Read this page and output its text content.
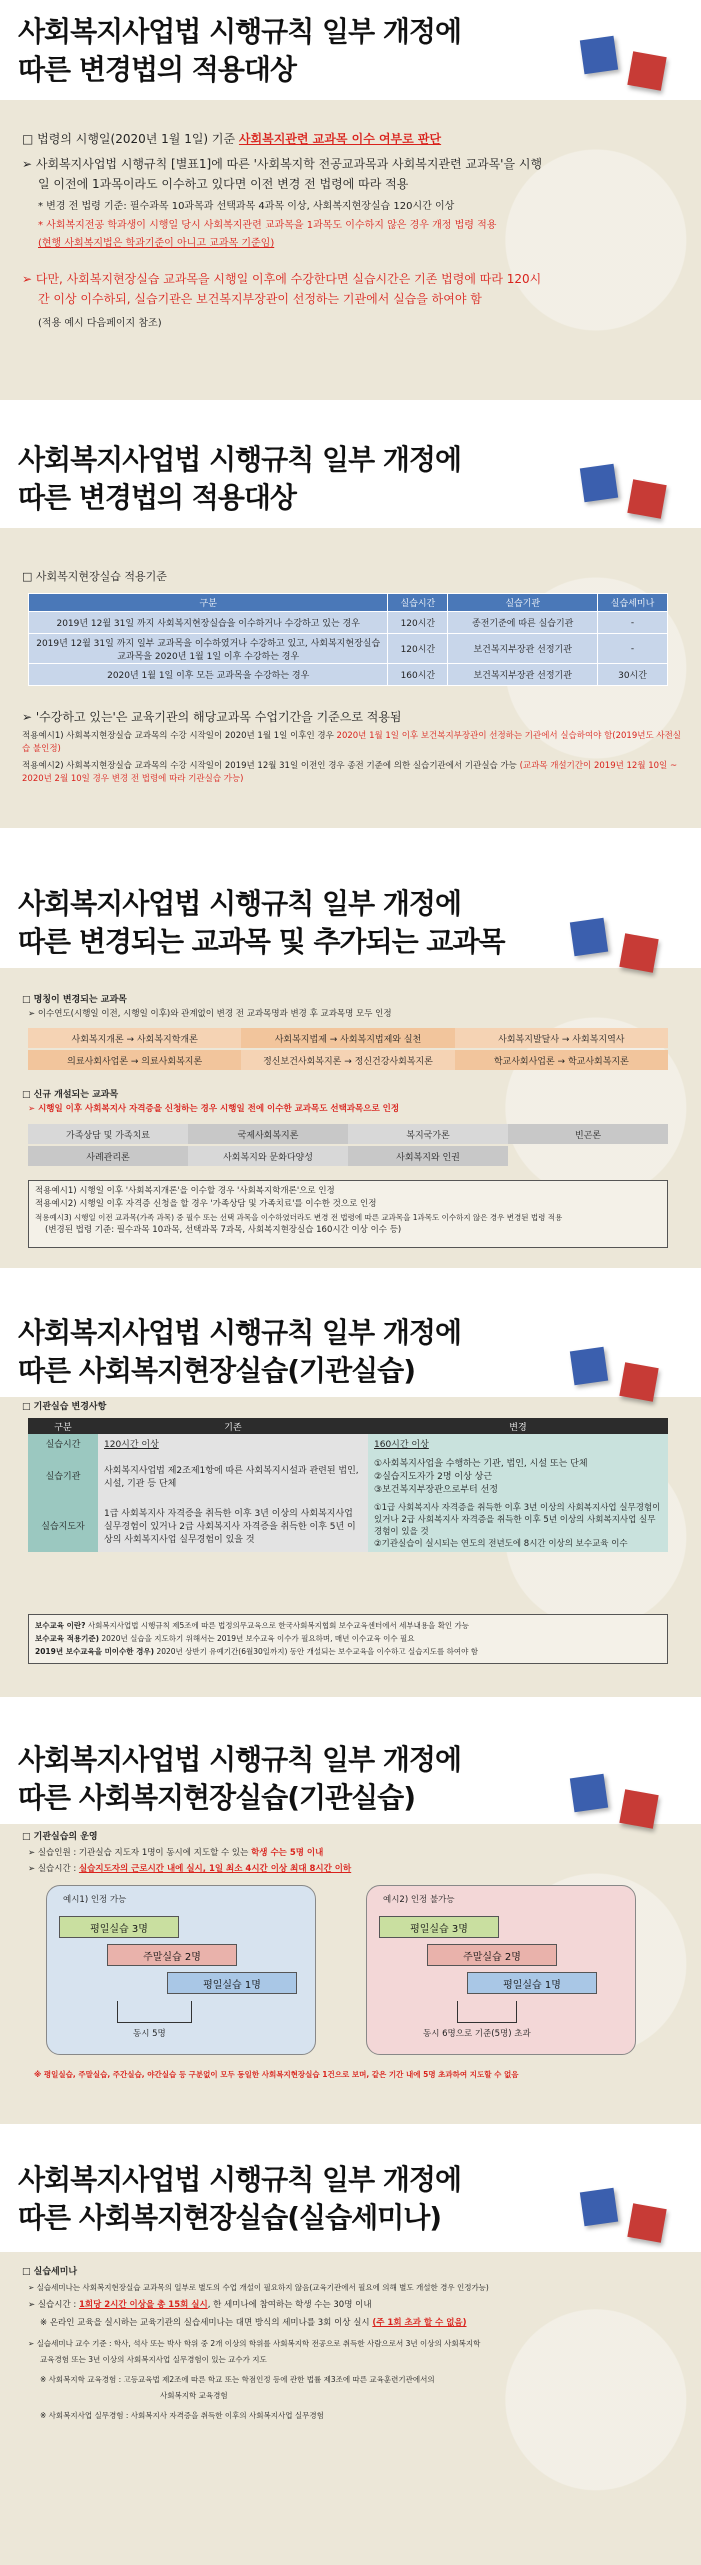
사회복지사업법 시행규칙 일부 개정에
따른 변경법의 적용대상
□ 법령의 시행일(2020년 1월 1일) 기준 사회복지관련 교과목 이수 여부로 판단
➢ 사회복지사업법 시행규칙 [별표1]에 따른 '사회복지학 전공교과목과 사회복지관련 교과목'을 시행
일 이전에 1과목이라도 이수하고 있다면 이전 변경 전 법령에 따라 적용
* 변경 전 법령 기준: 필수과목 10과목과 선택과목 4과목 이상, 사회복지현장실습 120시간 이상
* 사회복지전공 학과생이 시행일 당시 사회복지관련 교과목을 1과목도 이수하지 않은 경우 개정 법령 적용
(현행 사회복지법은 학과기준이 아니고 교과목 기준임)
➢ 다만, 사회복지현장실습 교과목을 시행일 이후에 수강한다면 실습시간은 기존 법령에 따라 120시
간 이상 이수하되, 실습기관은 보건복지부장관이 선정하는 기관에서 실습을 하여야 함
(적용 예시 다음페이지 참조)
사회복지사업법 시행규칙 일부 개정에
따른 변경법의 적용대상
□ 사회복지현장실습 적용기준
구분	실습시간	실습기관	실습세미나
2019년 12월 31일 까지 사회복지현장실습을 이수하거나 수강하고 있는 경우	120시간	종전기준에 따른 실습기관	-
2019년 12월 31일 까지 일부 교과목을 이수하였거나 수강하고 있고, 사회복지현장실습 교과목을 2020년 1월 1일 이후 수강하는 경우	120시간	보건복지부장관 선정기관	-
2020년 1월 1일 이후 모든 교과목을 수강하는 경우	160시간	보건복지부장관 선정기관	30시간
➢ '수강하고 있는'은 교육기관의 해당교과목 수업기간을 기준으로 적용됨
적용예시1) 사회복지현장실습 교과목의 수강 시작일이 2020년 1월 1일 이후인 경우 2020년 1월 1일 이후 보건복지부장관이 선정하는 기관에서 실습하여야 함(2019년도 사전실습 불인정)
적용예시2) 사회복지현장실습 교과목의 수강 시작일이 2019년 12월 31일 이전인 경우 종전 기준에 의한 실습기관에서 기관실습 가능 (교과목 개설기간이 2019년 12월 10일 ~ 2020년 2월 10일 경우 변경 전 법령에 따라 기관실습 가능)
사회복지사업법 시행규칙 일부 개정에
따른 변경되는 교과목 및 추가되는 교과목
□ 명칭이 변경되는 교과목
➢ 이수연도(시행일 이전, 시행일 이후)와 관계없이 변경 전 교과목명과 변경 후 교과목명 모두 인정
사회복지개론 → 사회복지학개론	사회복지법제 → 사회복지법제와 실천	사회복지발달사 → 사회복지역사
의료사회사업론 → 의료사회복지론	정신보건사회복지론 → 정신건강사회복지론	학교사회사업론 → 학교사회복지론
□ 신규 개설되는 교과목
➢ 시행일 이후 사회복지사 자격증을 신청하는 경우 시행일 전에 이수한 교과목도 선택과목으로 인정
가족상담 및 가족치료	국제사회복지론	복지국가론	빈곤론
사례관리론	사회복지와 문화다양성	사회복지와 인권
적용예시1) 시행일 이후 '사회복지개론'을 이수할 경우 '사회복지학개론'으로 인정
적용예시2) 시행일 이후 자격증 신청을 할 경우 '가족상담 및 가족치료'를 이수한 것으로 인정
적용예시3) 시행일 이전 교과목(가족 과목) 중 필수 또는 선택 과목을 이수하였더라도 변경 전 법령에 따른 교과목을 1과목도 이수하지 않은 경우 변경된 법령 적용
(변경된 법령 기준: 필수과목 10과목, 선택과목 7과목, 사회복지현장실습 160시간 이상 이수 등)
사회복지사업법 시행규칙 일부 개정에
따른 사회복지현장실습(기관실습)
□ 기관실습 변경사항
구분	기존	변경
실습시간	120시간 이상	160시간 이상
실습기관	사회복지사업법 제2조제1항에 따른 사회복지시설과 관련된 법인, 시설, 기관 등 단체	①사회복지사업을 수행하는 기관, 법인, 시설 또는 단체
②실습지도자가 2명 이상 상근
③보건복지부장관으로부터 선정
실습지도자	1급 사회복지사 자격증을 취득한 이후 3년 이상의 사회복지사업 실무경험이 있거나 2급 사회복지사 자격증을 취득한 이후 5년 이상의 사회복지사업 실무경험이 있을 것	①1급 사회복지사 자격증을 취득한 이후 3년 이상의 사회복지사업 실무경험이 있거나 2급 사회복지사 자격증을 취득한 이후 5년 이상의 사회복지사업 실무경험이 있을 것
②기관실습이 실시되는 연도의 전년도에 8시간 이상의 보수교육 이수
보수교육 이란? 사회복지사업법 시행규칙 제5조에 따른 법정의무교육으로 한국사회복지협회 보수교육센터에서 세부내용을 확인 가능
보수교육 적용기준) 2020년 실습을 지도하기 위해서는 2019년 보수교육 이수가 필요하며, 매년 이수교육 이수 필요
2019년 보수교육을 미이수한 경우) 2020년 상반기 유예기간(6월30일까지) 동안 개설되는 보수교육을 이수하고 실습지도를 하여야 함
사회복지사업법 시행규칙 일부 개정에
따른 사회복지현장실습(기관실습)
□ 기관실습의 운영
➢ 실습인원 : 기관실습 지도자 1명이 동시에 지도할 수 있는 학생 수는 5명 이내
➢ 실습시간 : 실습지도자의 근로시간 내에 실시, 1일 최소 4시간 이상 최대 8시간 이하
예시1) 인정 가능
평일실습 3명
주말실습 2명
평일실습 1명
동시 5명
예시2) 인정 불가능
평일실습 3명
주말실습 2명
평일실습 1명
동시 6명으로 기준(5명) 초과
※ 평일실습, 주말실습, 주간실습, 야간실습 등 구분없이 모두 동일한 사회복지현장실습 1건으로 보며, 같은 기간 내에 5명 초과하여 지도할 수 없음
사회복지사업법 시행규칙 일부 개정에
따른 사회복지현장실습(실습세미나)
□ 실습세미나
➢ 실습세미나는 사회복지현장실습 교과목의 일부로 별도의 수업 개설이 필요하지 않음(교육기관에서 필요에 의해 별도 개설한 경우 인정가능)
➢ 실습시간 : 1회당 2시간 이상을 총 15회 실시, 한 세미나에 참여하는 학생 수는 30명 이내
※ 온라인 교육을 실시하는 교육기관의 실습세미나는 대면 방식의 세미나를 3회 이상 실시 (주 1회 초과 할 수 없음)
➢ 실습세미나 교수 기준 : 학사, 석사 또는 박사 학위 중 2개 이상의 학위를 사회복지학 전공으로 취득한 사람으로서 3년 이상의 사회복지학
교육경험 또는 3년 이상의 사회복지사업 실무경험이 있는 교수가 지도
※ 사회복지학 교육경험 : 고등교육법 제2조에 따른 학교 또는 학점인정 등에 관한 법률 제3조에 따른 교육훈련기관에서의
사회복지학 교육경험
※ 사회복지사업 실무경험 : 사회복지사 자격증을 취득한 이후의 사회복지사업 실무경험
